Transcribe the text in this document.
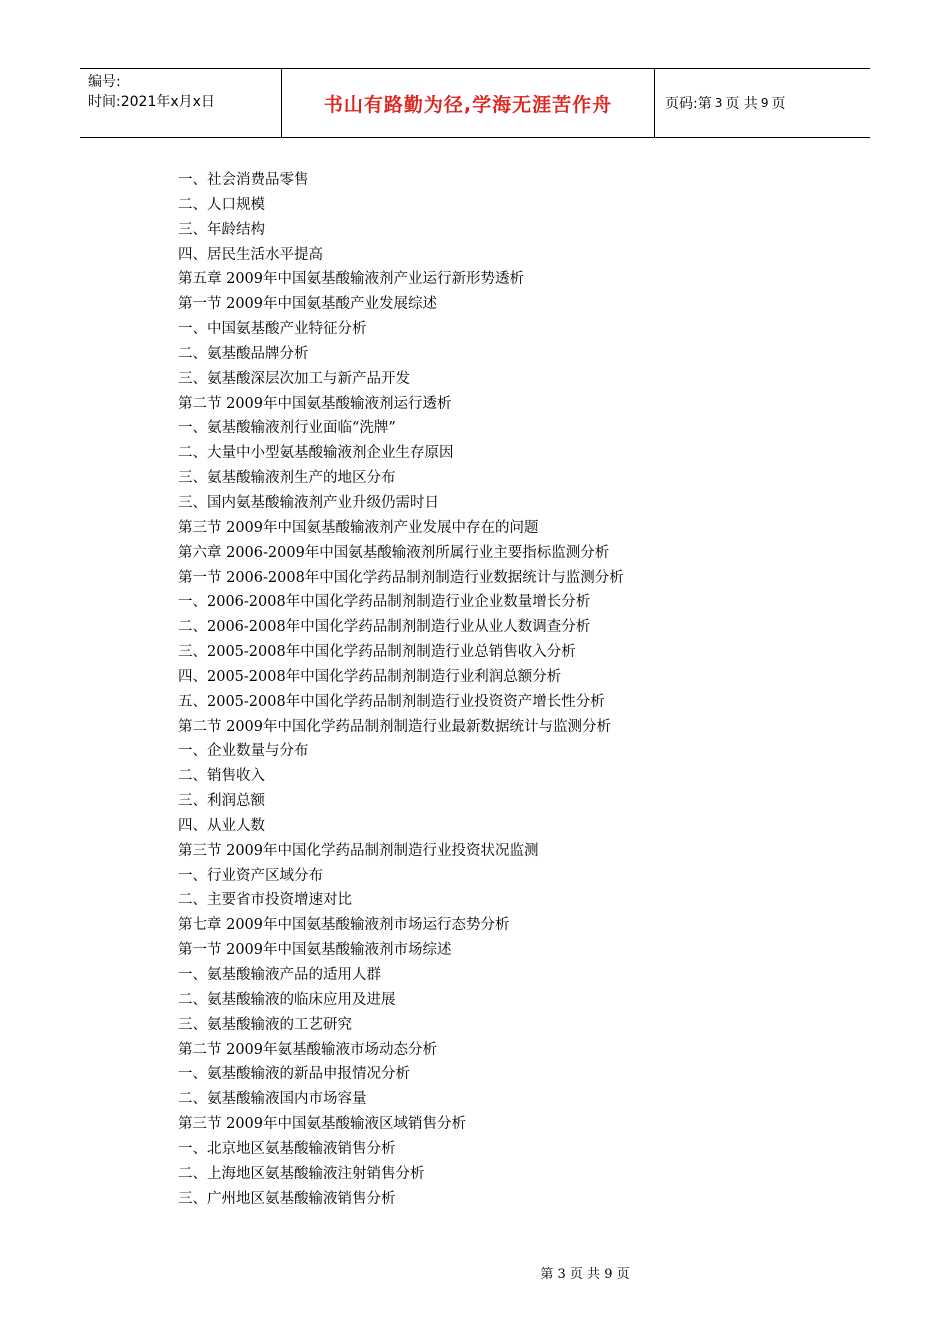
编号:
时间:2021年x月x日	书山有路勤为径,学海无涯苦作舟	页码:第 3 页 共 9 页
一、社会消费品零售
二、人口规模
三、年龄结构
四、居民生活水平提高
第五章 2009年中国氨基酸输液剂产业运行新形势透析
第一节 2009年中国氨基酸产业发展综述
一、中国氨基酸产业特征分析
二、氨基酸品牌分析
三、氨基酸深层次加工与新产品开发
第二节 2009年中国氨基酸输液剂运行透析
一、氨基酸输液剂行业面临“洗牌”
二、大量中小型氨基酸输液剂企业生存原因
三、氨基酸输液剂生产的地区分布
三、国内氨基酸输液剂产业升级仍需时日
第三节 2009年中国氨基酸输液剂产业发展中存在的问题
第六章 2006-2009年中国氨基酸输液剂所属行业主要指标监测分析
第一节 2006-2008年中国化学药品制剂制造行业数据统计与监测分析
一、2006-2008年中国化学药品制剂制造行业企业数量增长分析
二、2006-2008年中国化学药品制剂制造行业从业人数调查分析
三、2005-2008年中国化学药品制剂制造行业总销售收入分析
四、2005-2008年中国化学药品制剂制造行业利润总额分析
五、2005-2008年中国化学药品制剂制造行业投资资产增长性分析
第二节 2009年中国化学药品制剂制造行业最新数据统计与监测分析
一、企业数量与分布
二、销售收入
三、利润总额
四、从业人数
第三节 2009年中国化学药品制剂制造行业投资状况监测
一、行业资产区域分布
二、主要省市投资增速对比
第七章 2009年中国氨基酸输液剂市场运行态势分析
第一节 2009年中国氨基酸输液剂市场综述
一、氨基酸输液产品的适用人群
二、氨基酸输液的临床应用及进展
三、氨基酸输液的工艺研究
第二节 2009年氨基酸输液市场动态分析
一、氨基酸输液的新品申报情况分析
二、氨基酸输液国内市场容量
第三节 2009年中国氨基酸输液区域销售分析
一、北京地区氨基酸输液销售分析
二、上海地区氨基酸输液注射销售分析
三、广州地区氨基酸输液销售分析
第 3 页 共 9 页
